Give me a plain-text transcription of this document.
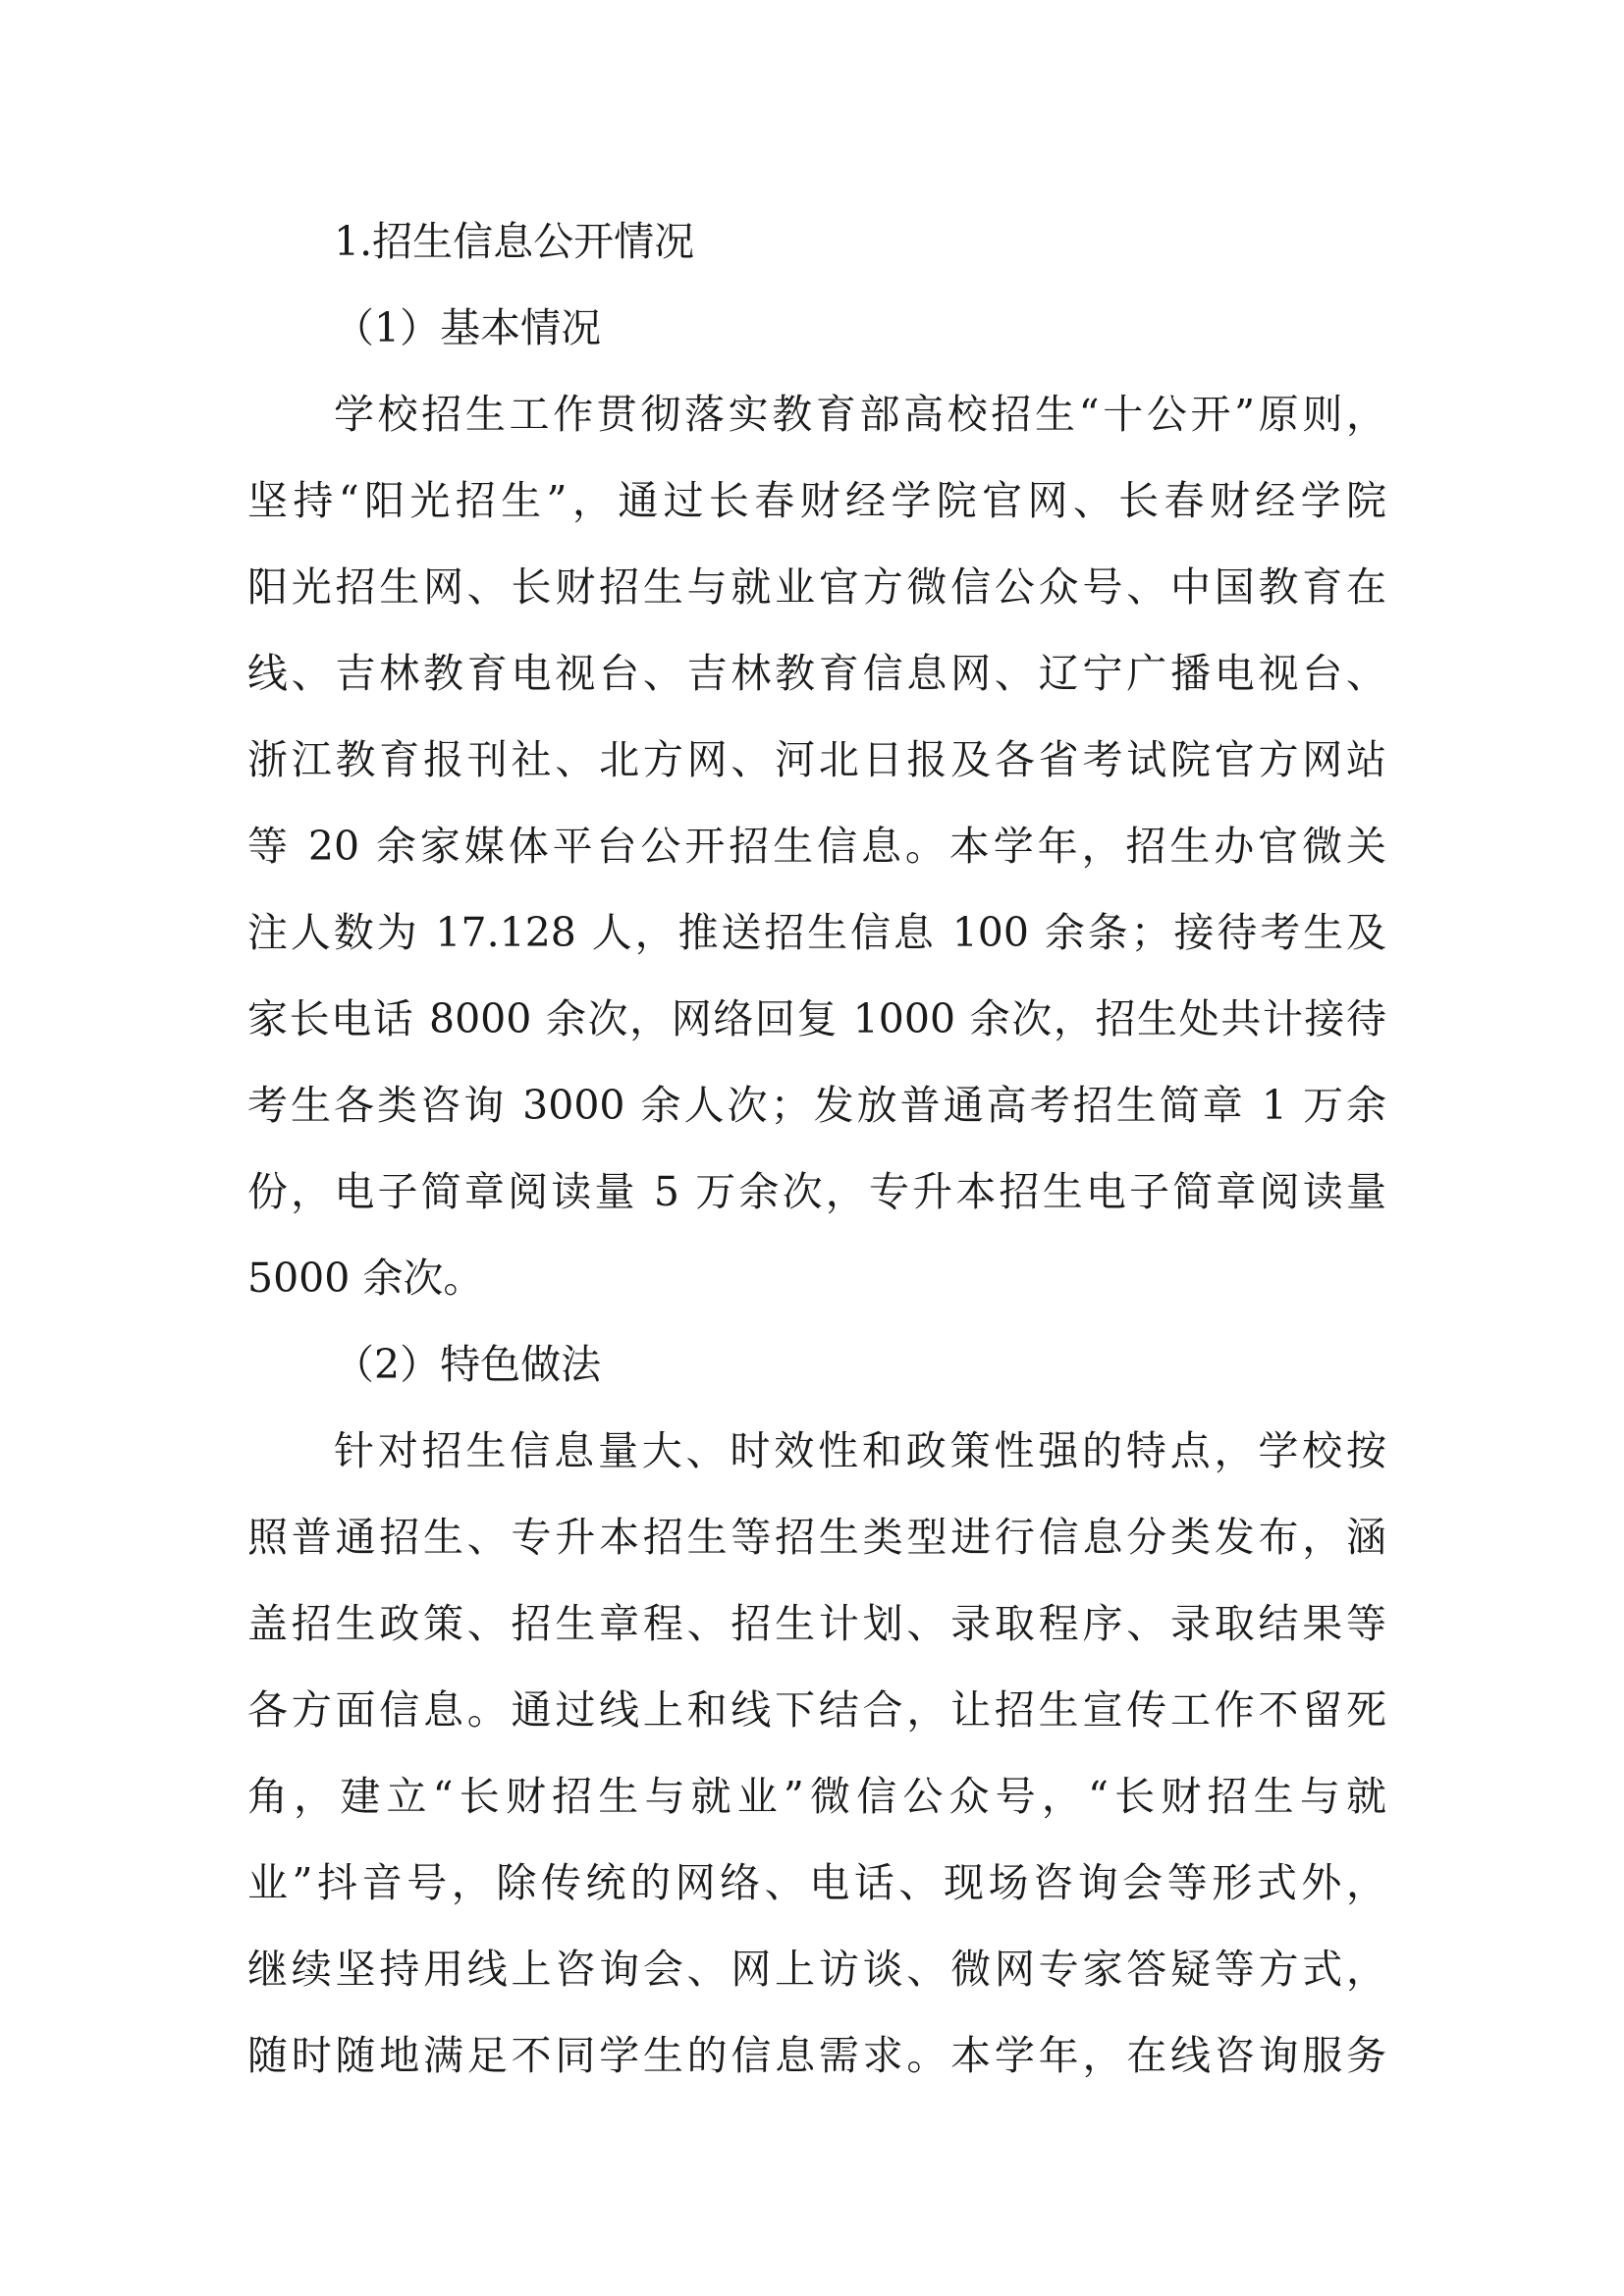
1.招生信息公开情况
（1）基本情况
学校招生工作贯彻落实教育部高校招生“十公开”原则，
坚持“阳光招生”，通过长春财经学院官网、长春财经学院
阳光招生网、长财招生与就业官方微信公众号、中国教育在
线、吉林教育电视台、吉林教育信息网、辽宁广播电视台、
浙江教育报刊社、北方网、河北日报及各省考试院官方网站
等 20 余家媒体平台公开招生信息。本学年，招生办官微关
注人数为 17.128 人，推送招生信息 100 余条；接待考生及
家长电话 8000 余次，网络回复 1000 余次，招生处共计接待
考生各类咨询 3000 余人次；发放普通高考招生简章 1 万余
份，电子简章阅读量 5 万余次，专升本招生电子简章阅读量
5000 余次。
（2）特色做法
针对招生信息量大、时效性和政策性强的特点，学校按
照普通招生、专升本招生等招生类型进行信息分类发布，涵
盖招生政策、招生章程、招生计划、录取程序、录取结果等
各方面信息。通过线上和线下结合，让招生宣传工作不留死
角，建立“长财招生与就业”微信公众号，“长财招生与就
业”抖音号，除传统的网络、电话、现场咨询会等形式外，
继续坚持用线上咨询会、网上访谈、微网专家答疑等方式，
随时随地满足不同学生的信息需求。本学年，在线咨询服务
